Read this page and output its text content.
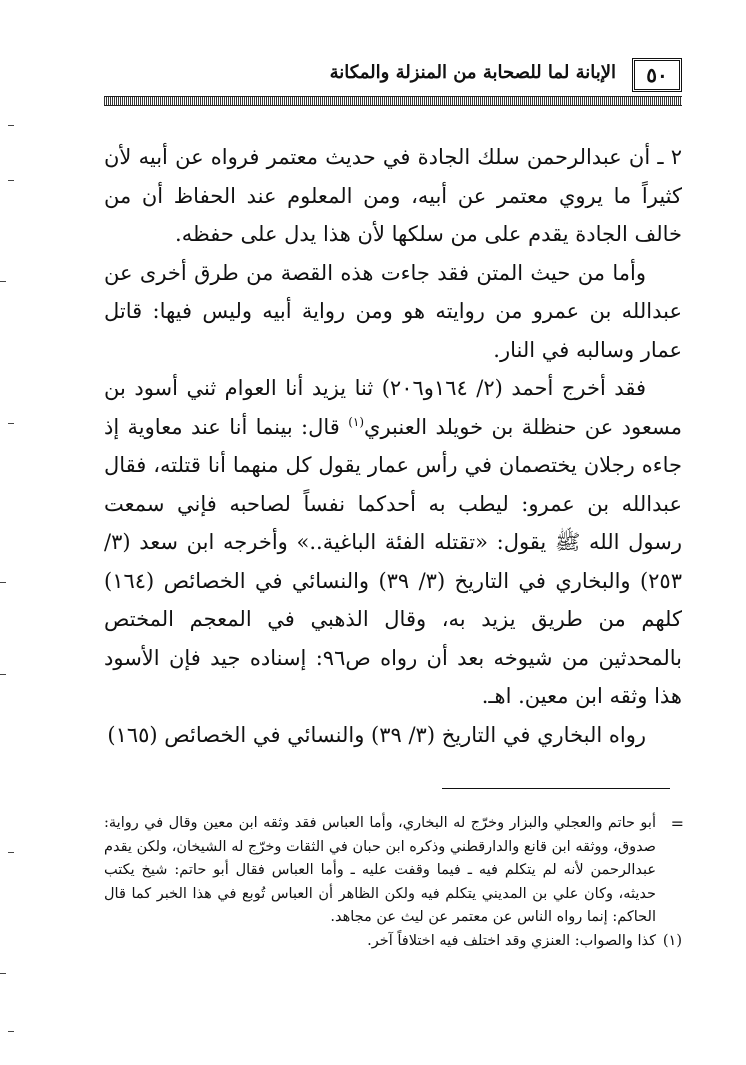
٥٠
الإبانة لما للصحابة من المنزلة والمكانة

٢ ـ أن عبدالرحمن سلك الجادة في حديث معتمر فرواه عن أبيه لأن كثيراً ما يروي معتمر عن أبيه، ومن المعلوم عند الحفاظ أن من خالف الجادة يقدم على من سلكها لأن هذا يدل على حفظه.

وأما من حيث المتن فقد جاءت هذه القصة من طرق أخرى عن عبدالله بن عمرو من روايته هو ومن رواية أبيه وليس فيها: قاتل عمار وسالبه في النار.

فقد أخرج أحمد (٢/ ١٦٤و٢٠٦) ثنا يزيد أنا العوام ثني أسود بن مسعود عن حنظلة بن خويلد العنبري$^{(١)}$ قال: بينما أنا عند معاوية إذ جاءه رجلان يختصمان في رأس عمار يقول كل منهما أنا قتلته، فقال عبدالله بن عمرو: ليطب به أحدكما نفساً لصاحبه فإني سمعت رسول الله ﷺ يقول: «تقتله الفئة الباغية..» وأخرجه ابن سعد (٣/ ٢٥٣) والبخاري في التاريخ (٣/ ٣٩) والنسائي في الخصائص (١٦٤) كلهم من طريق يزيد به، وقال الذهبي في المعجم المختص بالمحدثين من شيوخه بعد أن رواه ص٩٦: إسناده جيد فإن الأسود هذا وثقه ابن معين. اهـ.

رواه البخاري في التاريخ (٣/ ٣٩) والنسائي في الخصائص (١٦٥)

=
أبو حاتم والعجلي والبزار وخرّج له البخاري، وأما العباس فقد وثقه ابن معين وقال في رواية: صدوق، ووثقه ابن قانع والدارقطني وذكره ابن حبان في الثقات وخرّج له الشيخان، ولكن يقدم عبدالرحمن لأنه لم يتكلم فيه ـ فيما وقفت عليه ـ وأما العباس فقال أبو حاتم: شيخ يكتب حديثه، وكان علي بن المديني يتكلم فيه ولكن الظاهر أن العباس تُوبع في هذا الخبر كما قال الحاكم: إنما رواه الناس عن معتمر عن ليث عن مجاهد.

(١)
كذا والصواب: العنزي وقد اختلف فيه اختلافاً آخر.
